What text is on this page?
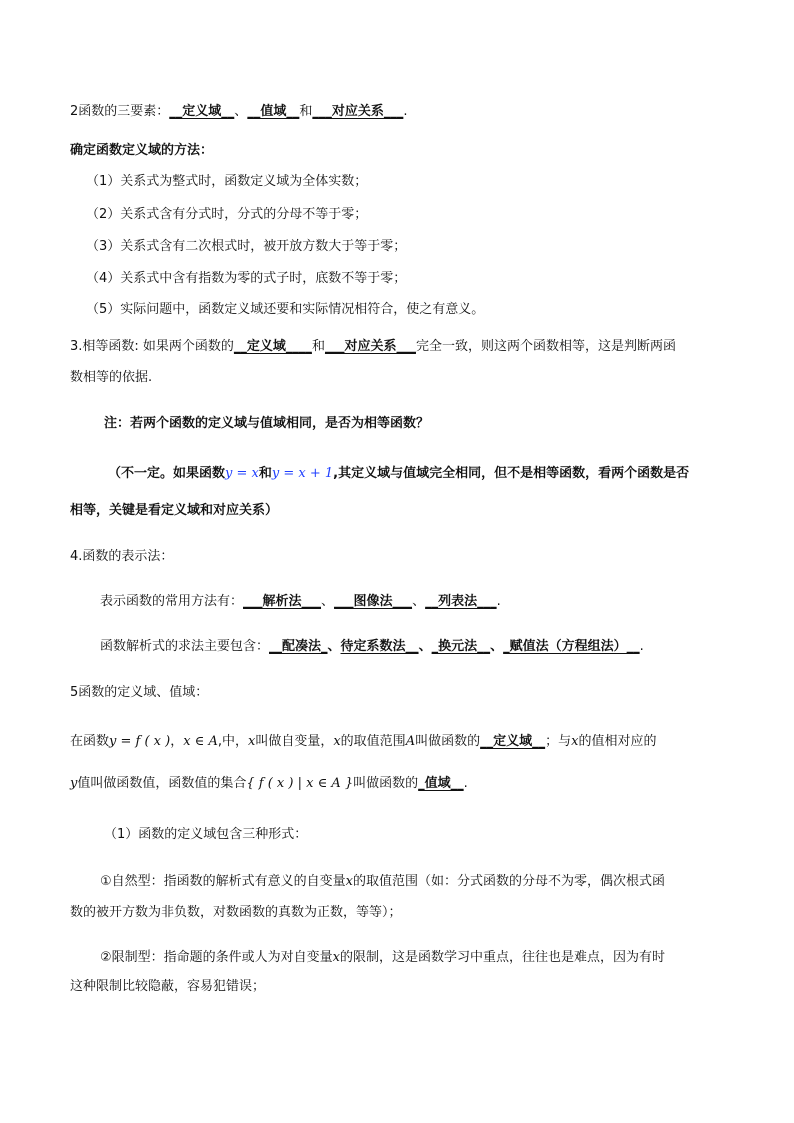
2函数的三要素：__定义域__、__值域__和___对应关系___.
确定函数定义域的方法：
（1）关系式为整式时，函数定义域为全体实数；
（2）关系式含有分式时，分式的分母不等于零；
（3）关系式含有二次根式时，被开放方数大于等于零；
（4）关系式中含有指数为零的式子时，底数不等于零；
（5）实际问题中，函数定义域还要和实际情况相符合，使之有意义。
3.相等函数: 如果两个函数的__定义域____和___对应关系___完全一致，则这两个函数相等，这是判断两函
数相等的依据.
注：若两个函数的定义域与值域相同，是否为相等函数？
（不一定。如果函数y = x和y = x + 1,其定义域与值域完全相同，但不是相等函数，看两个函数是否
相等，关键是看定义域和对应关系）
4.函数的表示法：
表示函数的常用方法有：___解析法___、___图像法___、__列表法___.
函数解析式的求法主要包含：__配凑法_、待定系数法__、_换元法__、_赋值法（方程组法）__.
5函数的定义域、值域：
在函数y = f ( x )，x ∈ A,中，x叫做自变量，x的取值范围A叫做函数的__定义域__；与x的值相对应的
y值叫做函数值，函数值的集合{ f ( x ) | x ∈ A }叫做函数的_值域__.
（1）函数的定义域包含三种形式：
①自然型：指函数的解析式有意义的自变量x的取值范围（如：分式函数的分母不为零，偶次根式函
数的被开方数为非负数，对数函数的真数为正数，等等）；
②限制型：指命题的条件或人为对自变量x的限制，这是函数学习中重点，往往也是难点，因为有时
这种限制比较隐蔽，容易犯错误；
